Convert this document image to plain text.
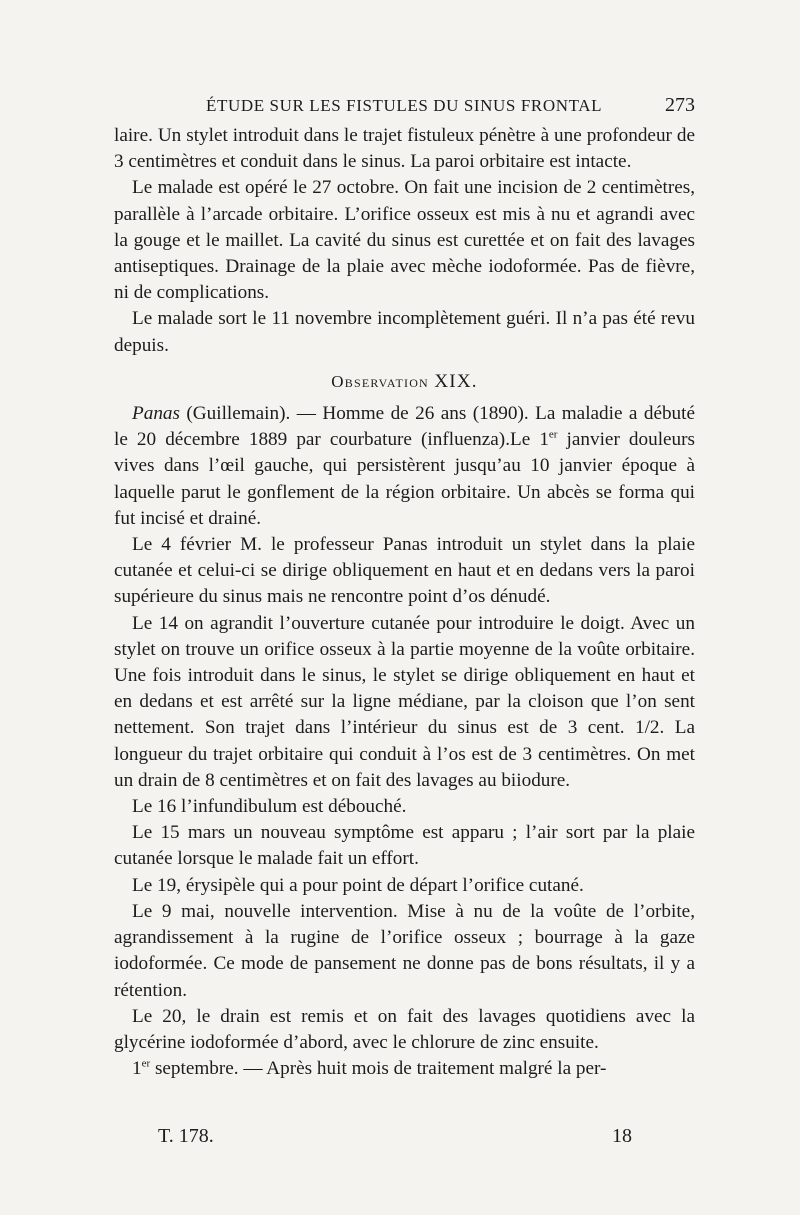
ÉTUDE SUR LES FISTULES DU SINUS FRONTAL	273

laire. Un stylet introduit dans le trajet fistuleux pénètre à une profondeur de 3 centimètres et conduit dans le sinus. La paroi orbitaire est intacte.

Le malade est opéré le 27 octobre. On fait une incision de 2 centimètres, parallèle à l’arcade orbitaire. L’orifice osseux est mis à nu et agrandi avec la gouge et le maillet. La cavité du sinus est curettée et on fait des lavages antiseptiques. Drainage de la plaie avec mèche iodoformée. Pas de fièvre, ni de complications.

Le malade sort le 11 novembre incomplètement guéri. Il n’a pas été revu depuis.

Observation XIX.

Panas (Guillemain). — Homme de 26 ans (1890). La maladie a débuté le 20 décembre 1889 par courbature (influenza).Le 1er janvier douleurs vives dans l’œil gauche, qui persistèrent jusqu’au 10 janvier époque à laquelle parut le gonflement de la région orbitaire. Un abcès se forma qui fut incisé et drainé.

Le 4 février M. le professeur Panas introduit un stylet dans la plaie cutanée et celui-ci se dirige obliquement en haut et en dedans vers la paroi supérieure du sinus mais ne rencontre point d’os dénudé.

Le 14 on agrandit l’ouverture cutanée pour introduire le doigt. Avec un stylet on trouve un orifice osseux à la partie moyenne de la voûte orbitaire. Une fois introduit dans le sinus, le stylet se dirige obliquement en haut et en dedans et est arrêté sur la ligne médiane, par la cloison que l’on sent nettement. Son trajet dans l’intérieur du sinus est de 3 cent. 1/2. La longueur du trajet orbitaire qui conduit à l’os est de 3 centimètres. On met un drain de 8 centimètres et on fait des lavages au biiodure.

Le 16 l’infundibulum est débouché.

Le 15 mars un nouveau symptôme est apparu ; l’air sort par la plaie cutanée lorsque le malade fait un effort.

Le 19, érysipèle qui a pour point de départ l’orifice cutané.

Le 9 mai, nouvelle intervention. Mise à nu de la voûte de l’orbite, agrandissement à la rugine de l’orifice osseux ; bourrage à la gaze iodoformée. Ce mode de pansement ne donne pas de bons résultats, il y a rétention.

Le 20, le drain est remis et on fait des lavages quotidiens avec la glycérine iodoformée d’abord, avec le chlorure de zinc ensuite.

1er septembre. — Après huit mois de traitement malgré la per-

T. 178.	18
